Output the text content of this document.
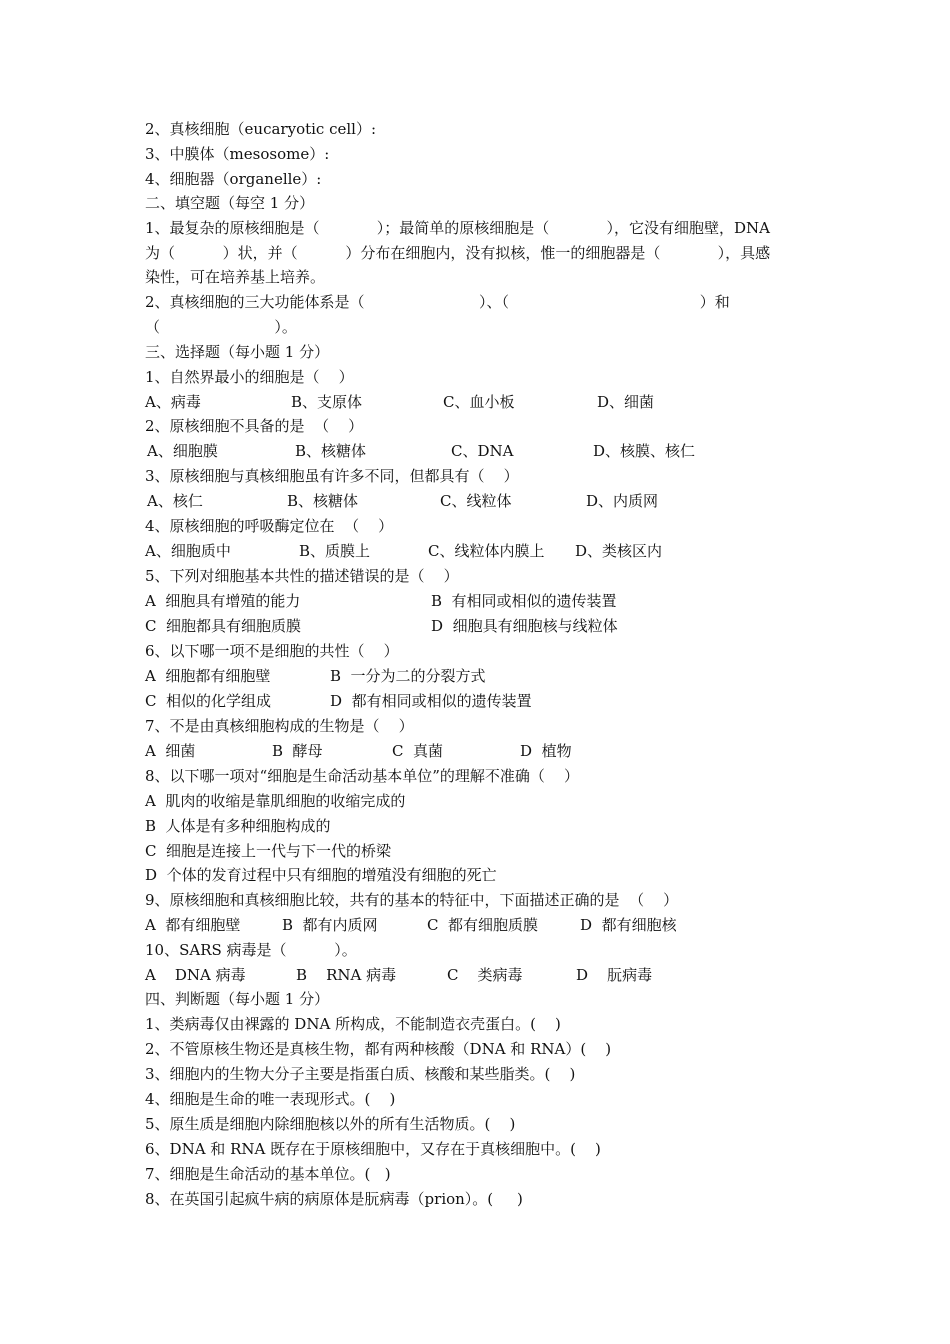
2、真核细胞（eucaryotic cell）:
3、中膜体（mesosome）:
4、细胞器（organelle）:
二、填空题（每空 1 分）
1、最复杂的原核细胞是（            ）；最简单的原核细胞是（            ），它没有细胞壁，DNA
为（          ）状，并（          ）分布在细胞内，没有拟核，惟一的细胞器是（            ），具感
染性，可在培养基上培养。
2、真核细胞的三大功能体系是（                        ）、（                                        ）和
（                        ）。
三、选择题（每小题 1 分）
1、自然界最小的细胞是（    ）
A、病毒	B、支原体	C、血小板	D、细菌
2、原核细胞不具备的是  （    ）
A、细胞膜	B、核糖体	C、DNA	D、核膜、核仁
3、原核细胞与真核细胞虽有许多不同，但都具有（    ）
A、核仁	B、核糖体	C、线粒体	D、内质网
4、原核细胞的呼吸酶定位在  （    ）
A、细胞质中	B、质膜上	C、线粒体内膜上 D、类核区内
5、下列对细胞基本共性的描述错误的是（    ）
A  细胞具有增殖的能力	B  有相同或相似的遗传装置
C  细胞都具有细胞质膜	D  细胞具有细胞核与线粒体
6、以下哪一项不是细胞的共性（    ）
A  细胞都有细胞壁	B  一分为二的分裂方式
C  相似的化学组成	D  都有相同或相似的遗传装置
7、不是由真核细胞构成的生物是（    ）
A  细菌	B  酵母	C  真菌	D  植物
8、以下哪一项对“细胞是生命活动基本单位”的理解不准确（    ）
A  肌肉的收缩是靠肌细胞的收缩完成的
B  人体是有多种细胞构成的
C  细胞是连接上一代与下一代的桥梁
D  个体的发育过程中只有细胞的增殖没有细胞的死亡
9、原核细胞和真核细胞比较，共有的基本的特征中，下面描述正确的是  （    ）
A  都有细胞壁	B  都有内质网	C  都有细胞质膜	D  都有细胞核
10、SARS 病毒是（          ）。
A    DNA 病毒	B    RNA 病毒	C    类病毒	D    朊病毒
四、判断题（每小题 1 分）
1、类病毒仅由裸露的 DNA 所构成，不能制造衣壳蛋白。(    )
2、不管原核生物还是真核生物，都有两种核酸（DNA 和 RNA）(    )
3、细胞内的生物大分子主要是指蛋白质、核酸和某些脂类。(    )
4、细胞是生命的唯一表现形式。(    )
5、原生质是细胞内除细胞核以外的所有生活物质。(    )
6、DNA 和 RNA 既存在于原核细胞中，又存在于真核细胞中。(    )
7、细胞是生命活动的基本单位。(   )
8、在英国引起疯牛病的病原体是朊病毒（prion）。(     )
